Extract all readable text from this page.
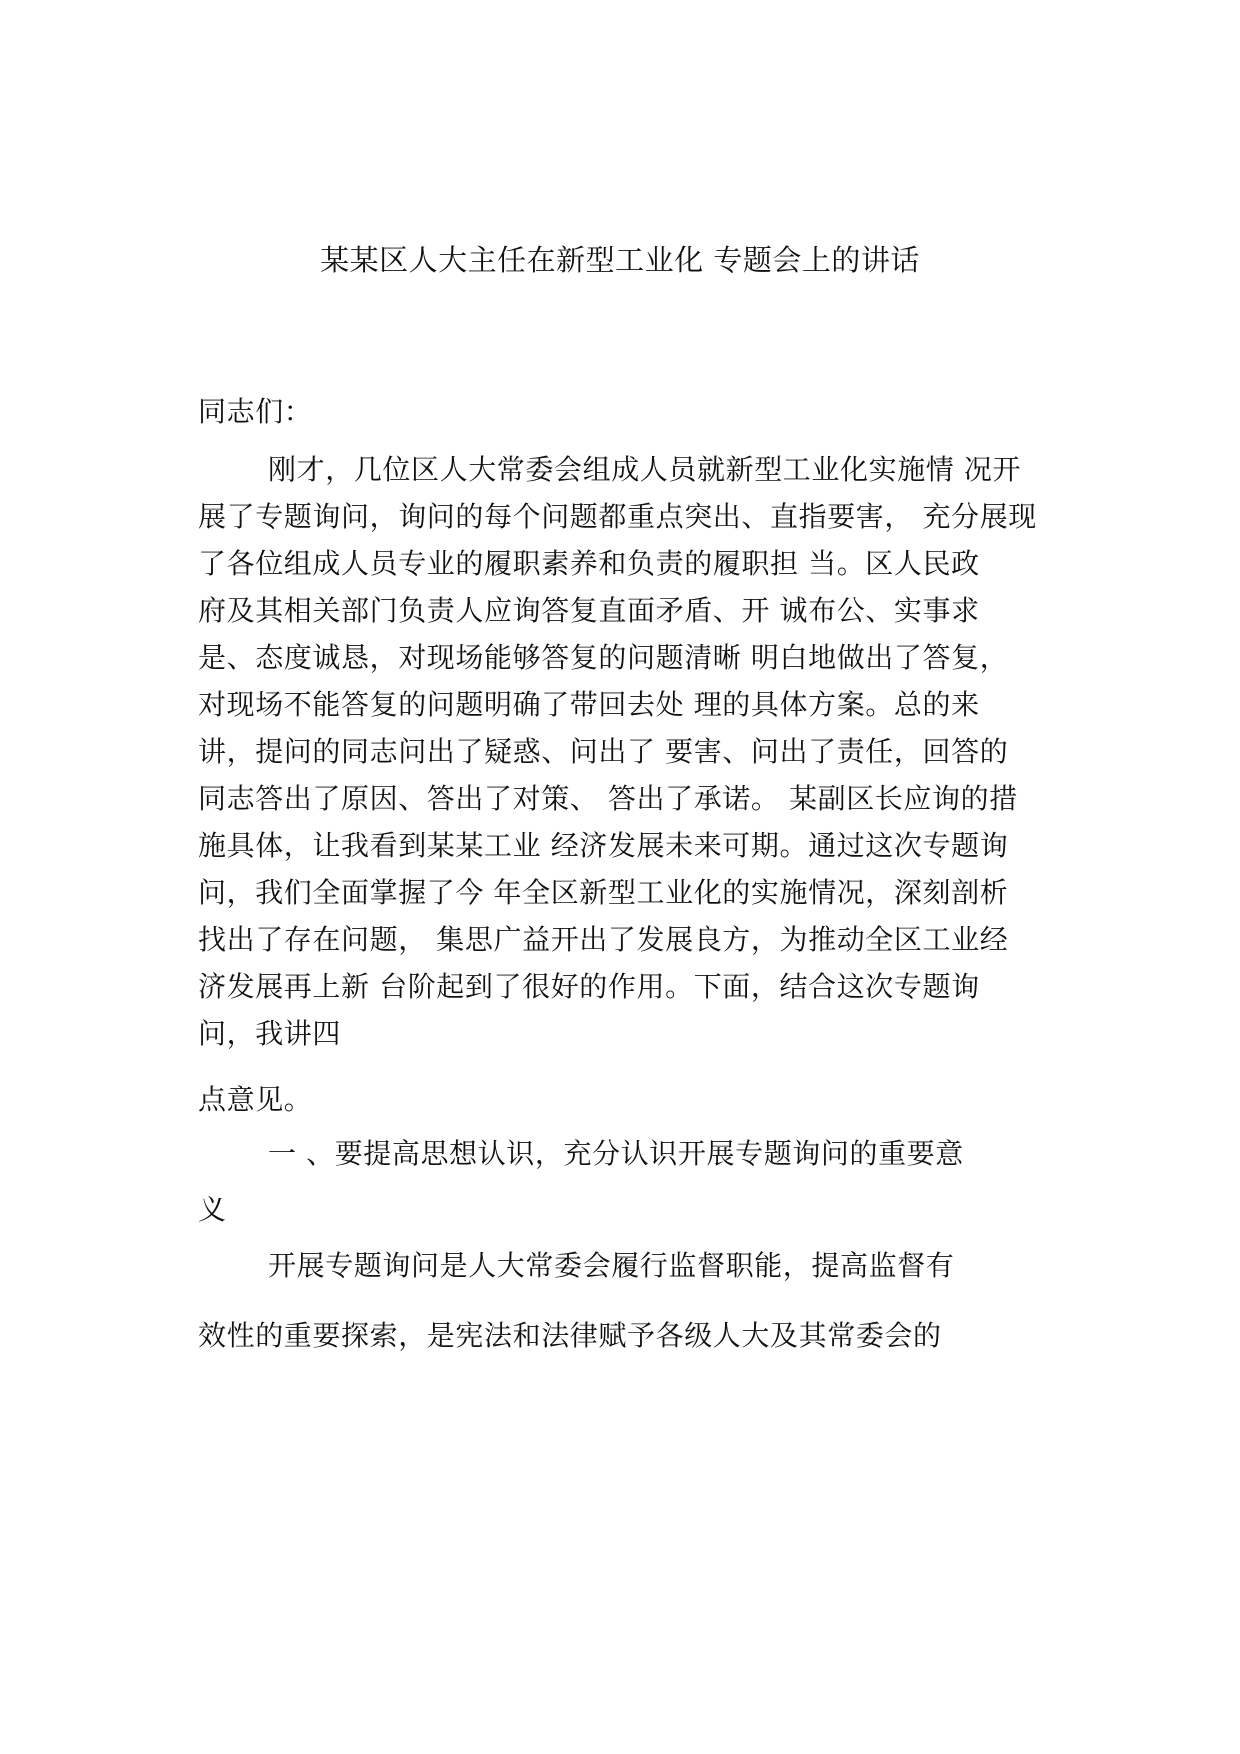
某某区人大主任在新型工业化 专题会上的讲话
同志们：
刚才，几位区人大常委会组成人员就新型工业化实施情 况开
展了专题询问，询问的每个问题都重点突出、直指要害， 充分展现
了各位组成人员专业的履职素养和负责的履职担 当。区人民政
府及其相关部门负责人应询答复直面矛盾、开 诚布公、实事求
是、态度诚恳，对现场能够答复的问题清晰 明白地做出了答复，
对现场不能答复的问题明确了带回去处 理的具体方案。总的来
讲，提问的同志问出了疑惑、问出了 要害、问出了责任，回答的
同志答出了原因、答出了对策、 答出了承诺。 某副区长应询的措
施具体，让我看到某某工业 经济发展未来可期。通过这次专题询
问，我们全面掌握了今 年全区新型工业化的实施情况，深刻剖析
找出了存在问题， 集思广益开出了发展良方，为推动全区工业经
济发展再上新 台阶起到了很好的作用。下面，结合这次专题询
问，我讲四
点意见。
一 、要提高思想认识，充分认识开展专题询问的重要意
义
开展专题询问是人大常委会履行监督职能，提高监督有
效性的重要探索，是宪法和法律赋予各级人大及其常委会的
